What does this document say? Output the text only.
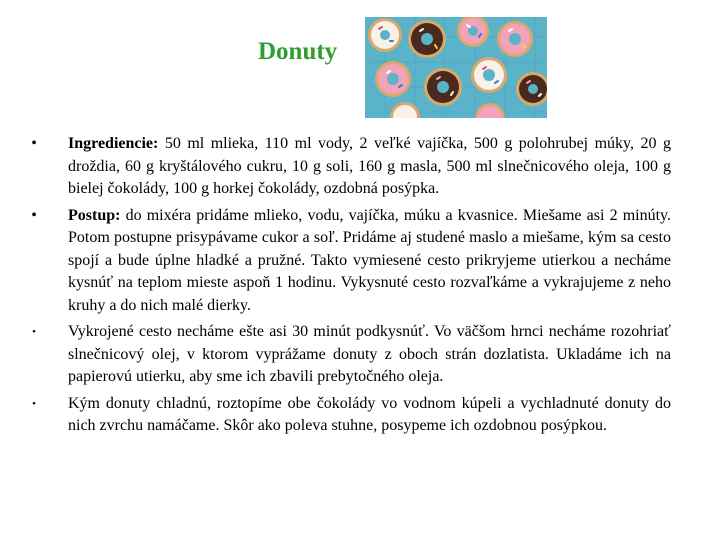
Donuty
• Ingrediencie: 50 ml mlieka, 110 ml vody, 2 veľké vajíčka, 500 g polohrubej múky, 20 g droždia, 60 g kryštálového cukru, 10 g soli, 160 g masla, 500 ml slnečnicového oleja, 100 g bielej čokolády, 100 g horkej čokolády, ozdobná posýpka.
• Postup: do mixéra pridáme mlieko, vodu, vajíčka, múku a kvasnice. Miešame asi 2 minúty. Potom postupne prisypávame cukor a soľ. Pridáme aj studené maslo a miešame, kým sa cesto spojí a bude úplne hladké a pružné. Takto vymiesené cesto prikryjeme utierkou a necháme kysnúť na teplom mieste aspoň 1 hodinu. Vykysnuté cesto rozvaľkáme a vykrajujeme z neho kruhy a do nich malé dierky.
• Vykrojené cesto necháme ešte asi 30 minút podkysnúť. Vo väčšom hrnci necháme rozohriať slnečnicový olej, v ktorom vyprážame donuty z oboch strán dozlatista. Ukladáme ich na papierovú utierku, aby sme ich zbavili prebytočného oleja.
• Kým donuty chladnú, roztopíme obe čokolády vo vodnom kúpeli a vychladnuté donuty do nich zvrchu namáčame. Skôr ako poleva stuhne, posypeme ich ozdobnou posýpkou.
